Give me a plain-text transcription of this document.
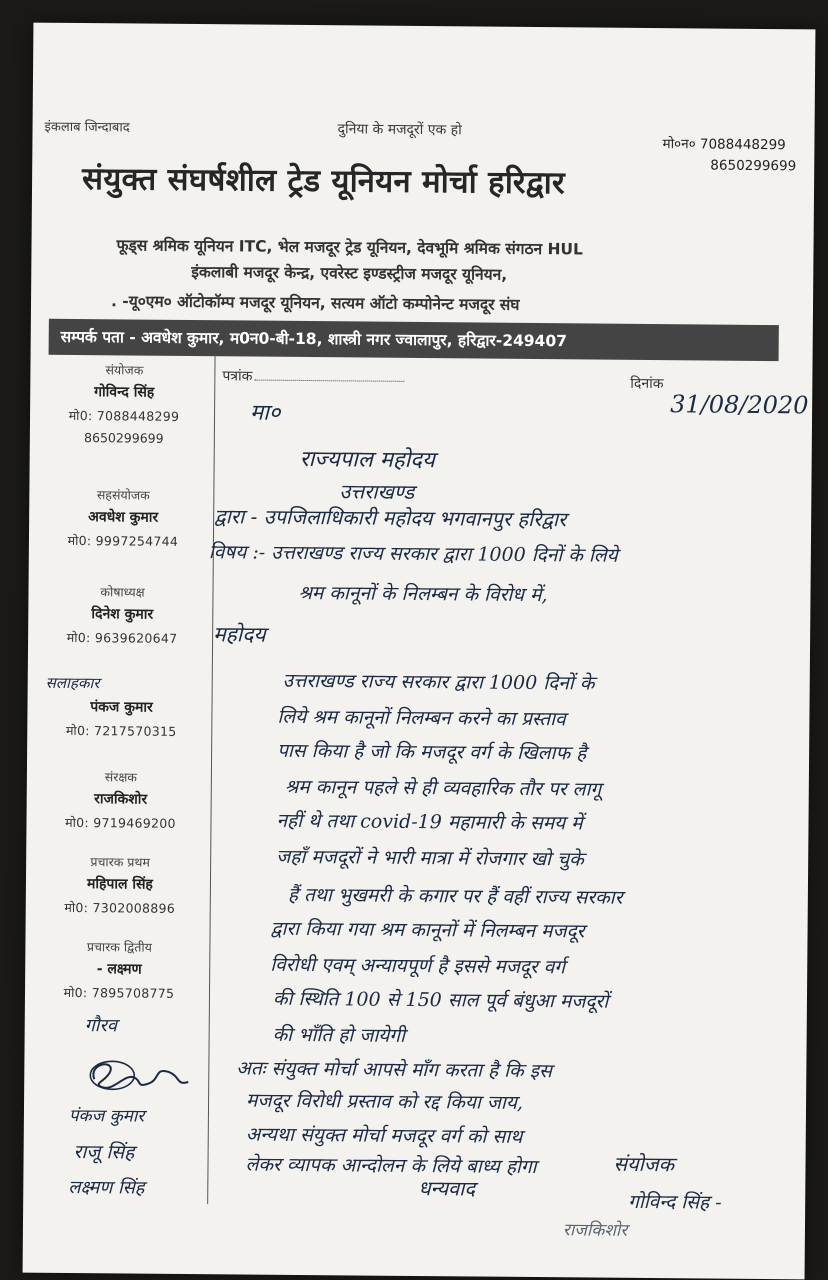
इंकलाब जिन्दाबाद	दुनिया के मजदूरों एक हो
मो०न० 7088448299
8650299699
संयुक्त संघर्षशील ट्रेड यूनियन मोर्चा हरिद्वार
फूड्स श्रमिक यूनियन ITC, भेल मजदूर ट्रेड यूनियन, देवभूमि श्रमिक संगठन HUL
इंकलाबी मजदूर केन्द्र, एवरेस्ट इण्डस्ट्रीज मजदूर यूनियन,
. -यू०एम० ऑटोकॉम्प मजदूर यूनियन, सत्यम ऑटो कम्पोनेन्ट मजदूर संघ
सम्पर्क पता - अवधेश कुमार, म0न0-बी-18, शास्त्री नगर ज्वालापुर, हरिद्वार-249407
संयोजक
गोविन्द सिंह
मो0: 7088448299
8650299699
सहसंयोजक
अवधेश कुमार
मो0: 9997254744
कोषाध्यक्ष
दिनेश कुमार
मो0: 9639620647
सलाहकार
पंकज कुमार
मो0: 7217570315
संरक्षक
राजकिशोर
मो0: 9719469200
प्रचारक प्रथम
महिपाल सिंह
मो0: 7302008896
प्रचारक द्वितीय
- लक्ष्मण
मो0: 7895708775
पत्रांक	दिनांक
31/08/2020
मा०
राज्यपाल महोदय
उत्तराखण्ड
द्वारा - उपजिलाधिकारी महोदय भगवानपुर हरिद्वार
विषय :- उत्तराखण्ड राज्य सरकार द्वारा 1000 दिनों के लिये
श्रम कानूनों के निलम्बन के विरोध में,
महोदय
उत्तराखण्ड राज्य सरकार द्वारा 1000 दिनों के
लिये श्रम कानूनों निलम्बन करने का प्रस्ताव
पास किया है जो कि मजदूर वर्ग के खिलाफ है
श्रम कानून पहले से ही व्यवहारिक तौर पर लागू
नहीं थे तथा covid-19 महामारी के समय में
जहाँ मजदूरों ने भारी मात्रा में रोजगार खो चुके
हैं तथा भुखमरी के कगार पर हैं वहीं राज्य सरकार
द्वारा किया गया श्रम कानूनों में निलम्बन मजदूर
विरोधी एवम् अन्यायपूर्ण है इससे मजदूर वर्ग
की स्थिति 100 से 150 साल पूर्व बंधुआ मजदूरों
की भाँति हो जायेगी
अतः संयुक्त मोर्चा आपसे माँग करता है कि इस
मजदूर विरोधी प्रस्ताव को रद्द किया जाय,
अन्यथा संयुक्त मोर्चा मजदूर वर्ग को साथ
लेकर व्यापक आन्दोलन के लिये बाध्य होगा
धन्यवाद
संयोजक
गोविन्द सिंह -
राजकिशोर
गौरव
पंकज कुमार
राजू सिंह
लक्ष्मण सिंह
